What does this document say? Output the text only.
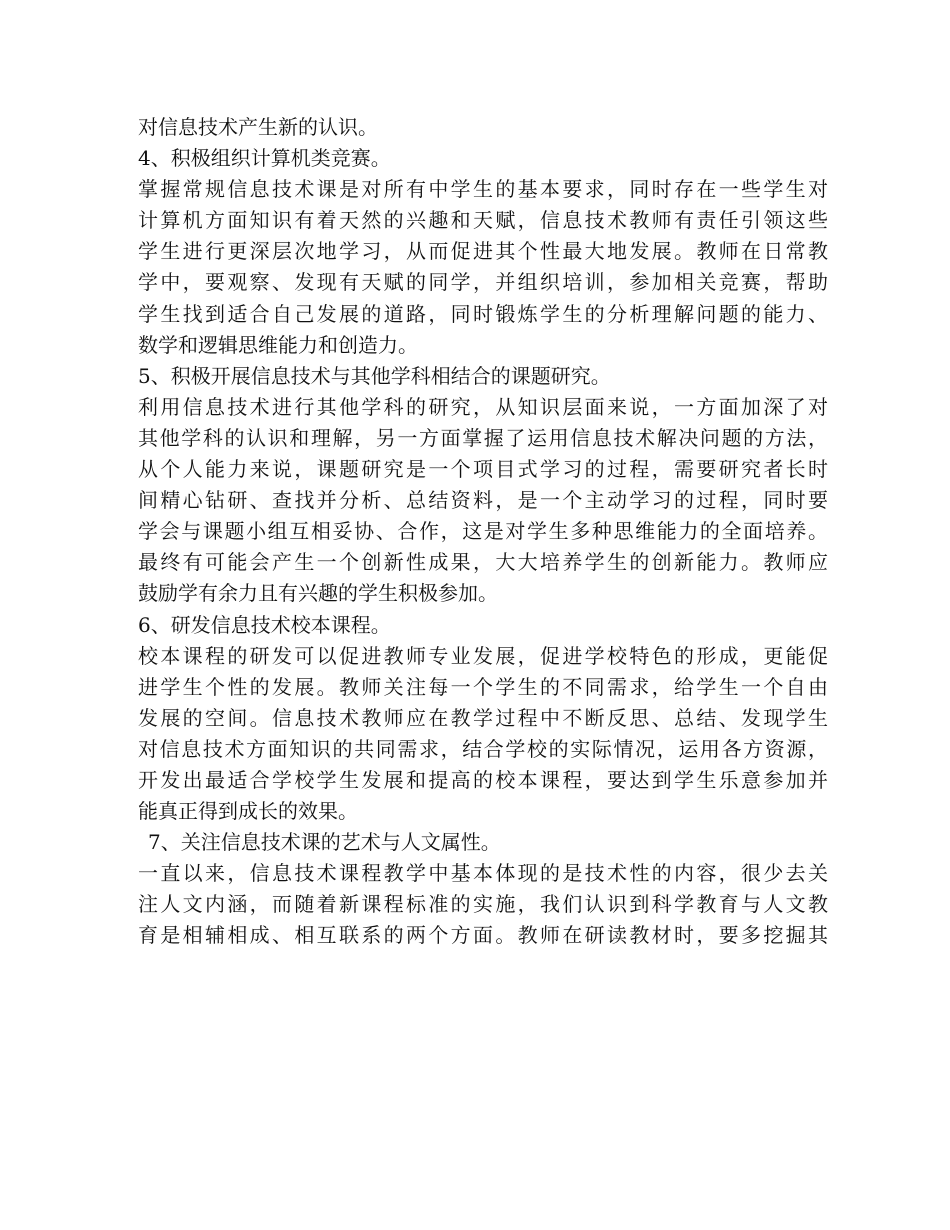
对信息技术产生新的认识。
4、积极组织计算机类竞赛。
掌握常规信息技术课是对所有中学生的基本要求，同时存在一些学生对
计算机方面知识有着天然的兴趣和天赋，信息技术教师有责任引领这些
学生进行更深层次地学习，从而促进其个性最大地发展。教师在日常教
学中，要观察、发现有天赋的同学，并组织培训，参加相关竞赛，帮助
学生找到适合自己发展的道路，同时锻炼学生的分析理解问题的能力、
数学和逻辑思维能力和创造力。
5、积极开展信息技术与其他学科相结合的课题研究。
利用信息技术进行其他学科的研究，从知识层面来说，一方面加深了对
其他学科的认识和理解，另一方面掌握了运用信息技术解决问题的方法，
从个人能力来说，课题研究是一个项目式学习的过程，需要研究者长时
间精心钻研、查找并分析、总结资料，是一个主动学习的过程，同时要
学会与课题小组互相妥协、合作，这是对学生多种思维能力的全面培养。
最终有可能会产生一个创新性成果，大大培养学生的创新能力。教师应
鼓励学有余力且有兴趣的学生积极参加。
6、研发信息技术校本课程。
校本课程的研发可以促进教师专业发展，促进学校特色的形成，更能促
进学生个性的发展。教师关注每一个学生的不同需求，给学生一个自由
发展的空间。信息技术教师应在教学过程中不断反思、总结、发现学生
对信息技术方面知识的共同需求，结合学校的实际情况，运用各方资源，
开发出最适合学校学生发展和提高的校本课程，要达到学生乐意参加并
能真正得到成长的效果。
7、关注信息技术课的艺术与人文属性。
一直以来，信息技术课程教学中基本体现的是技术性的内容，很少去关
注人文内涵，而随着新课程标准的实施，我们认识到科学教育与人文教
育是相辅相成、相互联系的两个方面。教师在研读教材时，要多挖掘其
